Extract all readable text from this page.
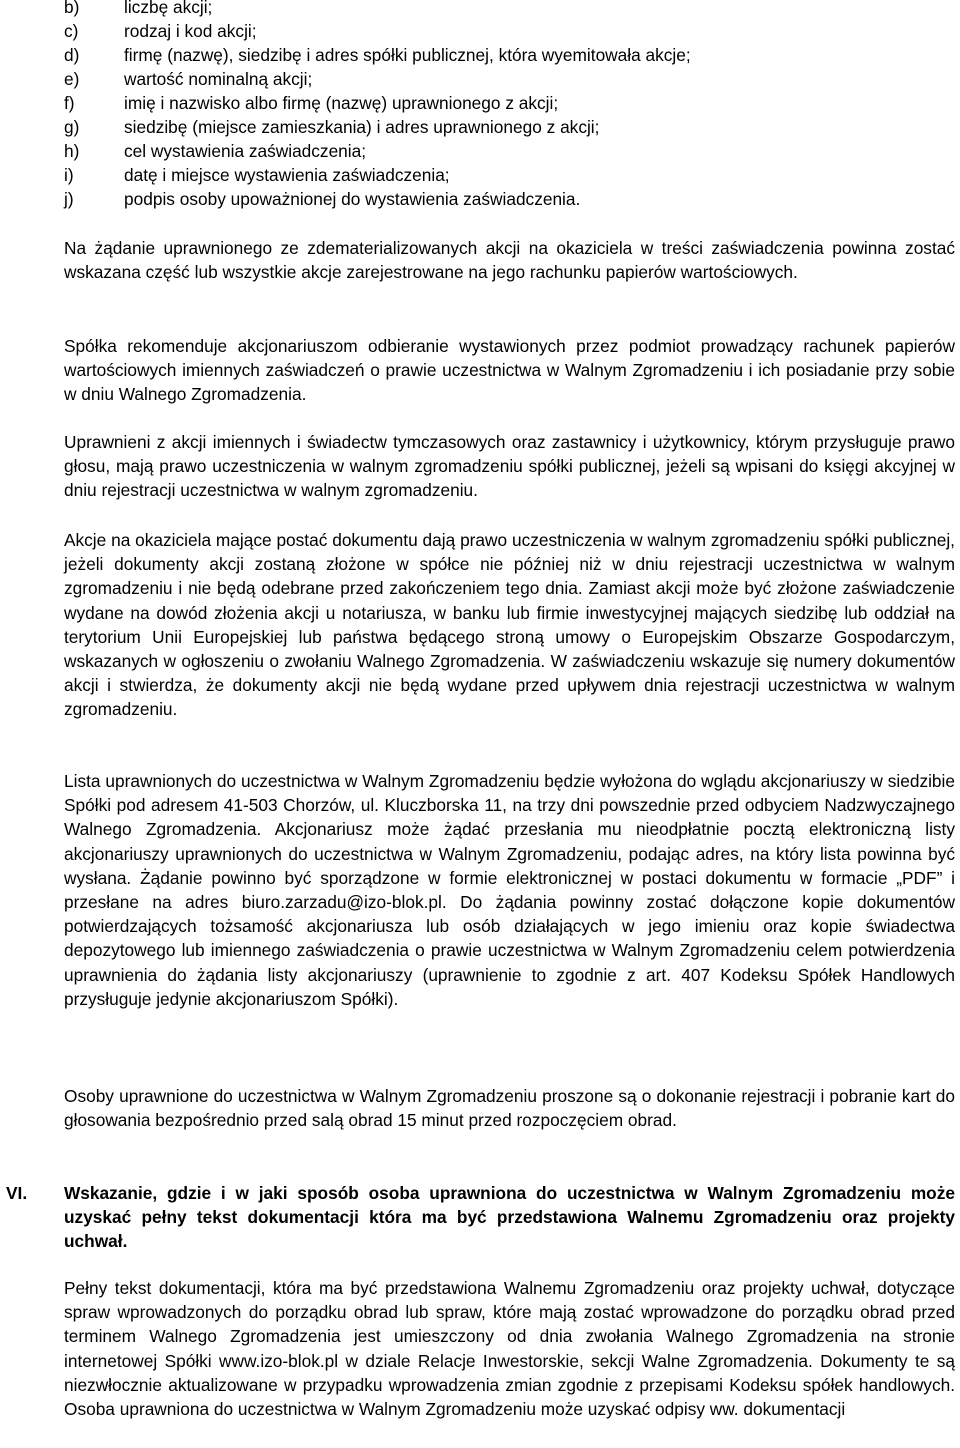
b)	liczbę akcji;
c)	rodzaj i kod akcji;
d)	firmę (nazwę), siedzibę i adres spółki publicznej, która wyemitowała akcje;
e)	wartość nominalną akcji;
f)	imię i nazwisko albo firmę (nazwę) uprawnionego z akcji;
g)	siedzibę (miejsce zamieszkania) i adres uprawnionego z akcji;
h)	cel wystawienia zaświadczenia;
i)	datę i miejsce wystawienia zaświadczenia;
j)	podpis osoby upoważnionej do wystawienia zaświadczenia.

Na żądanie uprawnionego ze zdematerializowanych akcji na okaziciela w treści zaświadczenia powinna zostać wskazana część lub wszystkie akcje zarejestrowane na jego rachunku papierów wartościowych.

Spółka rekomenduje akcjonariuszom odbieranie wystawionych przez podmiot prowadzący rachunek papierów wartościowych imiennych zaświadczeń o prawie uczestnictwa w Walnym Zgromadzeniu i ich posiadanie przy sobie w dniu Walnego Zgromadzenia.

Uprawnieni z akcji imiennych i świadectw tymczasowych oraz zastawnicy i użytkownicy, którym przysługuje prawo głosu, mają prawo uczestniczenia w walnym zgromadzeniu spółki publicznej, jeżeli są wpisani do księgi akcyjnej w dniu rejestracji uczestnictwa w walnym zgromadzeniu.

Akcje na okaziciela mające postać dokumentu dają prawo uczestniczenia w walnym zgromadzeniu spółki publicznej, jeżeli dokumenty akcji zostaną złożone w spółce nie później niż w dniu rejestracji uczestnictwa w walnym zgromadzeniu i nie będą odebrane przed zakończeniem tego dnia. Zamiast akcji może być złożone zaświadczenie wydane na dowód złożenia akcji u notariusza, w banku lub firmie inwestycyjnej mających siedzibę lub oddział na terytorium Unii Europejskiej lub państwa będącego stroną umowy o Europejskim Obszarze Gospodarczym, wskazanych w ogłoszeniu o zwołaniu Walnego Zgromadzenia. W zaświadczeniu wskazuje się numery dokumentów akcji i stwierdza, że dokumenty akcji nie będą wydane przed upływem dnia rejestracji uczestnictwa w walnym zgromadzeniu.

Lista uprawnionych do uczestnictwa w Walnym Zgromadzeniu będzie wyłożona do wglądu akcjonariuszy w siedzibie Spółki pod adresem 41-503 Chorzów, ul. Kluczborska 11, na trzy dni powszednie przed odbyciem Nadzwyczajnego Walnego Zgromadzenia. Akcjonariusz może żądać przesłania mu nieodpłatnie pocztą elektroniczną listy akcjonariuszy uprawnionych do uczestnictwa w Walnym Zgromadzeniu, podając adres, na który lista powinna być wysłana. Żądanie powinno być sporządzone w formie elektronicznej w postaci dokumentu w formacie „PDF” i przesłane na adres biuro.zarzadu@izo-blok.pl. Do żądania powinny zostać dołączone kopie dokumentów potwierdzających tożsamość akcjonariusza lub osób działających w jego imieniu oraz kopie świadectwa depozytowego lub imiennego zaświadczenia o prawie uczestnictwa w Walnym Zgromadzeniu celem potwierdzenia uprawnienia do żądania listy akcjonariuszy (uprawnienie to zgodnie z art. 407 Kodeksu Spółek Handlowych przysługuje jedynie akcjonariuszom Spółki).

Osoby uprawnione do uczestnictwa w Walnym Zgromadzeniu proszone są o dokonanie rejestracji i pobranie kart do głosowania bezpośrednio przed salą obrad 15 minut przed rozpoczęciem obrad.

VI. Wskazanie, gdzie i w jaki sposób osoba uprawniona do uczestnictwa w Walnym Zgromadzeniu może uzyskać pełny tekst dokumentacji która ma być przedstawiona Walnemu Zgromadzeniu oraz projekty uchwał.

Pełny tekst dokumentacji, która ma być przedstawiona Walnemu Zgromadzeniu oraz projekty uchwał, dotyczące spraw wprowadzonych do porządku obrad lub spraw, które mają zostać wprowadzone do porządku obrad przed terminem Walnego Zgromadzenia jest umieszczony od dnia zwołania Walnego Zgromadzenia na stronie internetowej Spółki www.izo-blok.pl w dziale Relacje Inwestorskie, sekcji Walne Zgromadzenia. Dokumenty te są niezwłocznie aktualizowane w przypadku wprowadzenia zmian zgodnie z przepisami Kodeksu spółek handlowych. Osoba uprawniona do uczestnictwa w Walnym Zgromadzeniu może uzyskać odpisy ww. dokumentacji
